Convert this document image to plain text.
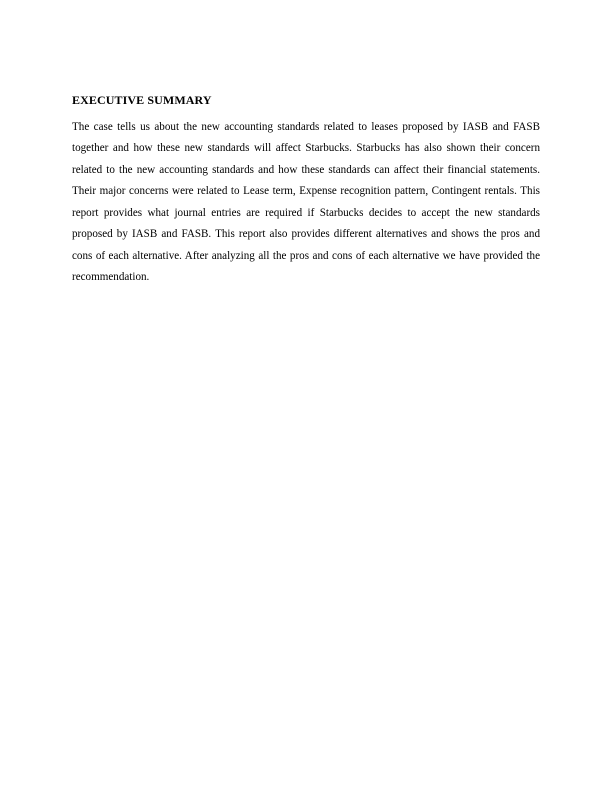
EXECUTIVE SUMMARY

The case tells us about the new accounting standards related to leases proposed by IASB and FASB together and how these new standards will affect Starbucks. Starbucks has also shown their concern related to the new accounting standards and how these standards can affect their financial statements. Their major concerns were related to Lease term, Expense recognition pattern, Contingent rentals. This report provides what journal entries are required if Starbucks decides to accept the new standards proposed by IASB and FASB. This report also provides different alternatives and shows the pros and cons of each alternative. After analyzing all the pros and cons of each alternative we have provided the recommendation.
